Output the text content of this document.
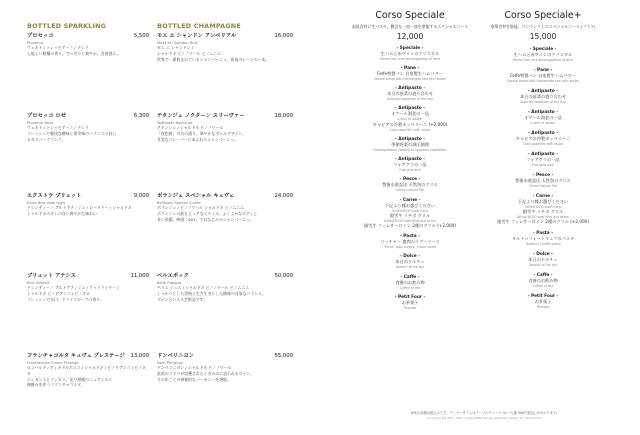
BOTTLED SPARKLING
プロセッコ	5,500
Prosecco
ヴェネト / トレッビアーノ / グレラ
心地よい柑橘の香り。すっきりと爽やか、食前酒に。
プロセッコ ロゼ	6,300
Prosecco Rose
ヴェネト / トレッビアーノ / グレラ
フレッシュで軽快な酸味と果実味のバランスの良い
ロゼスパークリング。
エクストラ ブリュット	9,000
Extra Brut Alpe regis
トレンティーノ アルトアディジェ / ロータリー / シャルドネ
シャルドネのキレの良い爽やかな味わい
ブリュット アテシス	11,000
Brut Athesis
トレンティーノ アルトアディジェ / ケットマイヤー /
シャルドネ ピノビアンコ / ピノネロ
フレッシュで辛口、ドライフルーツの香り。
フランチャコルタ キュヴェ プレステージ 13,000
Franciacorta Cuvee Prestige
ロンバルディア / カデルボスコ / シャルドネ / ピノビアンコ / ピノネロ
エレガンスとフィネス、花や柑橘のニュアンスに
複雑みを伴うフランチャコルタ。
BOTTLED CHAMPAGNE
モエ エ シャンドン アンペリアル	16,000
Moet et Chandon Brut
モエ エ シャンドン /
シャルドネ ピノノワール ピノムニエ
世界で一番飲まれているシャンパーニュ。祝福のシーンの一本。
テタンジェ ノクターン スリーヴァー	18,000
Taittinger Nocturne
テタンジェ / シャルドネ ピノノワール
「夜想曲」の名の通り、華やかなボトルデザイン。
甘美なフレーバーにあふれたシャンパーニュ。
ボランジェ スペシャル キュヴェ	24,000
Bollinger Special Cuvee
ボランジェ / ピノノワール シャルドネ ピノムニエ
ボランジェの最もピュアなスタイル。ふくよかなボディと
長い余韻。映画「007」でおなじみのシャンパーニュ。
ベルエポック	50,000
Belle Epoque
ペリエ ジュエ / シャルドネ ピノノワール ピノムニエ
しっかりとした骨格と生き生きとした酸味の見事なバランス。
ワインといえる芸術品です。
ドンペリニヨン	55,000
Dom Perignon
ドンペリニヨン / シャルドネ ピノノワール
最高のブドウが収穫されたときのみに造られるワイン。
その年ごとの神秘的なハーモニーを堪能。
Corso Speciale
高級食材に生パスタ、贅沢な一皿一皿を堪能するスペシャルコース
12,000
- Speciale -
生ハムと赤ワインのクリスタル
Parma ham and decomposition of wine
- Pane -
Felfe特製パン 自家製生ハムバター
Special bread with homemade raw ham butter
- Antipasto -
本日の前菜の盛り合わせ
Assorted appetizer of the day
- Antipasto -
オマール海老の一品
A dish of lobster
キャビアの冷製カッペリーニ (+2,000)
Cold cappellini with caviar
- Antipasto -
季節野菜の減圧調理
Decompression cooking of seasonal vegetables
- Antipasto -
フォアグラの一品
Foie gras dish
- Pesce -
豊後水道直送 天然魚のグリル
Grilled natural fish
- Carne -
下記より種お選びください
Grilled NGYO beef rump
銀雪牛 イチボ グリル
Grilled NGYO beef fillet and sirloin
銀雪牛 フィレサーロイン 2種のグリル (+2,000)
- Pasta -
リッチャー 鹿肉のラグーソース
"Ricca" ragu cuisine, cream sauce
- Dolce -
本日のドルチェ
Dessert of the day
- Caffe -
食後のお飲み物
Coffee or tea
- Petit Four -
お茶菓子
Teacake
Corso Speciale+
豪華食材を堪能、ワンランク上のスペシャルコース (プラス)
15,000
- Speciale -
生ハムと赤ワインのクリスタル
Parma ham and decomposition of wine
- Pane -
Felfe特製パン 自家製生ハムバター
Special bread with homemade raw ham butter
- Antipasto -
本日の前菜の盛り合わせ
Assorted appetizer of the day
- Antipasto -
オマール海老の一品
A dish of lobster
- Antipasto -
キャビアの冷製カッペリーニ
Cold cappellini with caviar
- Antipasto -
フォアグラの一品
Foie gras dish
- Pesce -
豊後水道直送 天然魚のグリル
Grilled natural fish
- Carne -
下記より種お選びください
Grilled NGYO beef rump
銀雪牛 イチボ グリル
Grilled NGYO beef fillet and sirloin
銀雪牛 フィレサーロイン 2種のグリル (+2,000)
- Pasta -
タルトゥフォートリュフのパスタ
Tagliolini / truffle pasta
- Dolce -
本日のドルチェ
Dessert of the day
- Caffe -
食後のお飲み物
Coffee or tea
- Petit Four -
お茶菓子
Teacake
※表示金額は税込みです。ディナータイムはテーブルチャージ (お一人様 500円税込) がかかります。
Including tax 10%. Table charge ¥500 will be added per person for dinner time.
